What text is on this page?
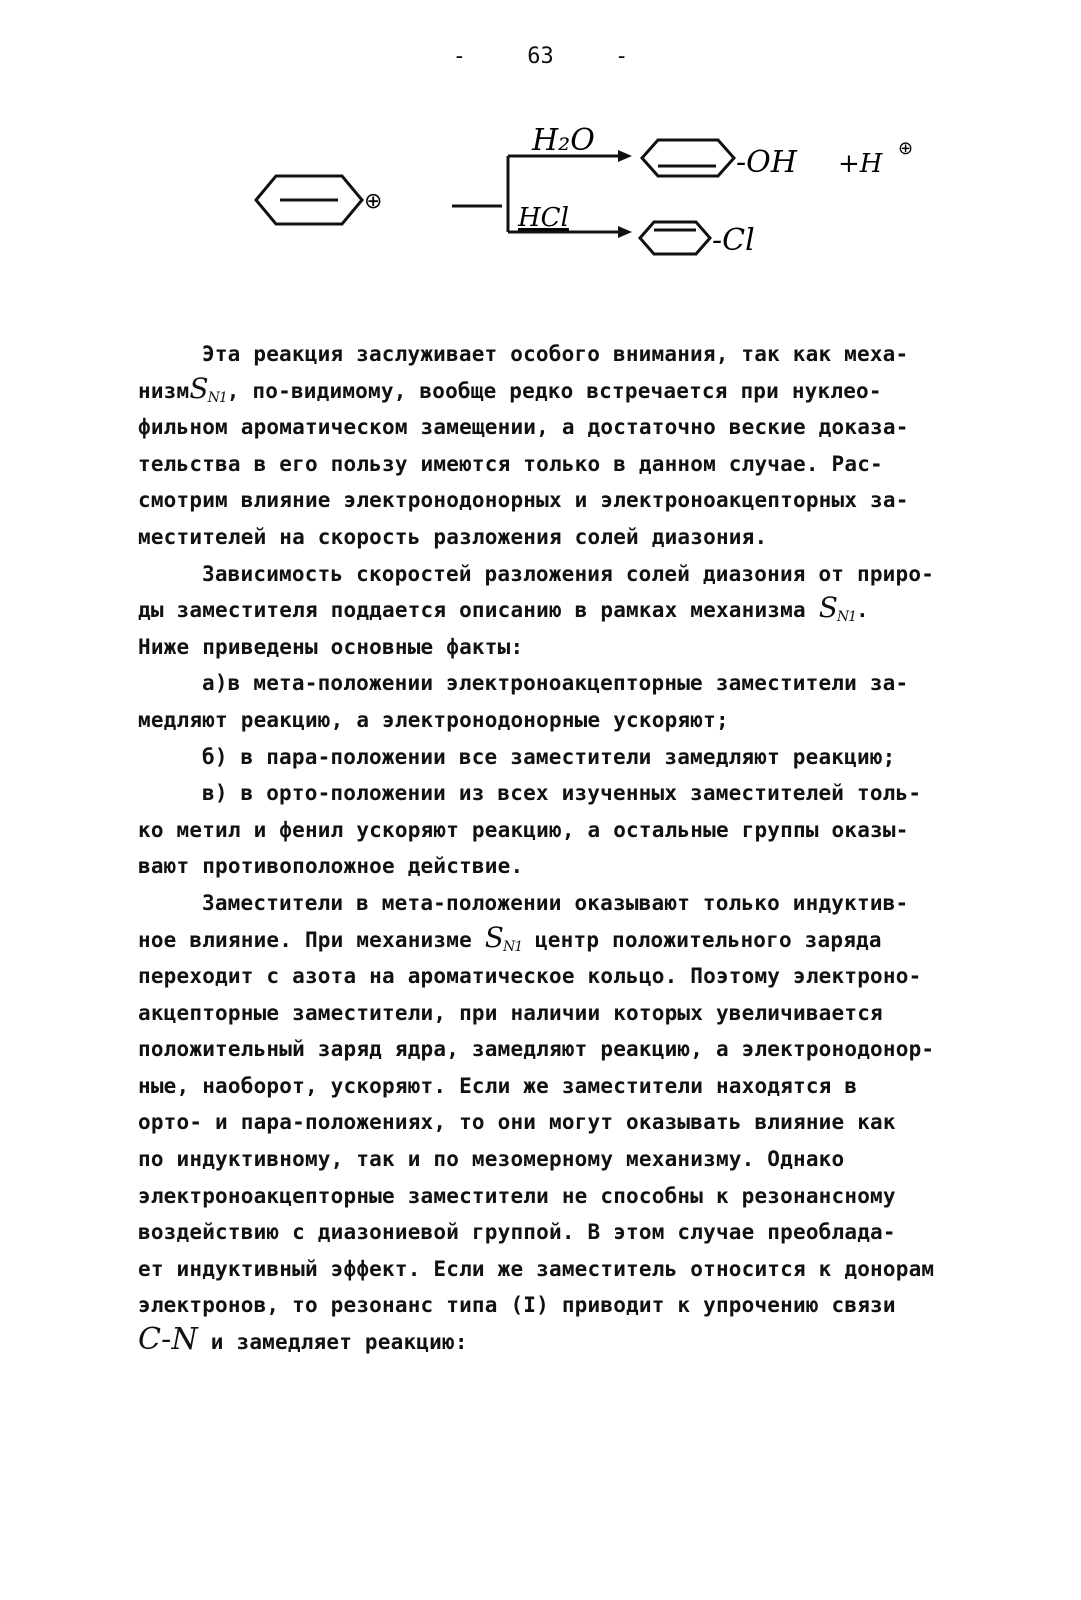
-	63	-
⊕
H₂O
HCl
-OH +H
⊕
-Cl

Эта реакция заслуживает особого внимания, так как меха-
низмS$_{N1}$, по-видимому, вообще редко встречается при нуклео-
фильном ароматическом замещении, а достаточно веские доказа-
тельства в его пользу имеются только в данном случае. Рас-
смотрим влияние электронодонорных и электроноакцепторных за-
местителей на скорость разложения солей диазония.

Зависимость скоростей разложения солей диазония от приро-
ды заместителя поддается описанию в рамках механизма $S_{N1}$.
Ниже приведены основные факты:

а)в мета-положении электроноакцепторные заместители за-
медляют реакцию, а электронодонорные ускоряют;

б) в пара-положении все заместители замедляют реакцию;

в) в орто-положении из всех изученных заместителей толь-
ко метил и фенил ускоряют реакцию, а остальные группы оказы-
вают противоположное действие.

Заместители в мета-положении оказывают только индуктив-
ное влияние. При механизме $S_{N1}$ центр положительного заряда
переходит с азота на ароматическое кольцо. Поэтому электроно-
акцепторные заместители, при наличии которых увеличивается
положительный заряд ядра, замедляют реакцию, а электронодонор-
ные, наоборот, ускоряют. Если же заместители находятся в
орто- и пара-положениях, то они могут оказывать влияние как
по индуктивному, так и по мезомерному механизму. Однако
электроноакцепторные заместители не способны к резонансному
воздействию с диазониевой группой. В этом случае преоблада-
ет индуктивный эффект. Если же заместитель относится к донорам
электронов, то резонанс типа (I) приводит к упрочению связи
C-N и замедляет реакцию:
